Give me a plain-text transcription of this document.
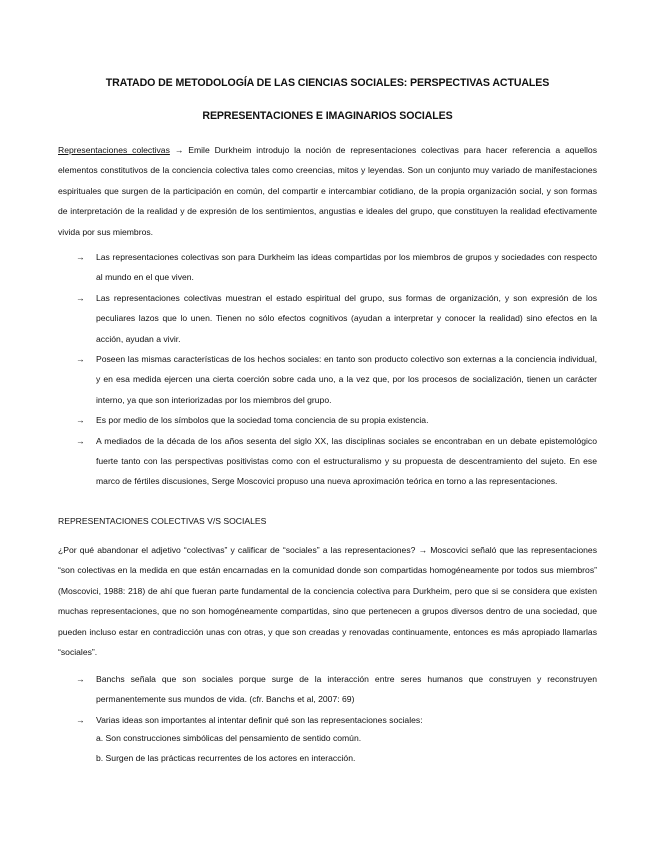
TRATADO DE METODOLOGÍA DE LAS CIENCIAS SOCIALES: PERSPECTIVAS ACTUALES
REPRESENTACIONES E IMAGINARIOS SOCIALES
Representaciones colectivas → Emile Durkheim introdujo la noción de representaciones colectivas para hacer referencia a aquellos elementos constitutivos de la conciencia colectiva tales como creencias, mitos y leyendas. Son un conjunto muy variado de manifestaciones espirituales que surgen de la participación en común, del compartir e intercambiar cotidiano, de la propia organización social, y son formas de interpretación de la realidad y de expresión de los sentimientos, angustias e ideales del grupo, que constituyen la realidad efectivamente vivida por sus miembros.
→ Las representaciones colectivas son para Durkheim las ideas compartidas por los miembros de grupos y sociedades con respecto al mundo en el que viven.
→ Las representaciones colectivas muestran el estado espiritual del grupo, sus formas de organización, y son expresión de los peculiares lazos que lo unen. Tienen no sólo efectos cognitivos (ayudan a interpretar y conocer la realidad) sino efectos en la acción, ayudan a vivir.
→ Poseen las mismas características de los hechos sociales: en tanto son producto colectivo son externas a la conciencia individual, y en esa medida ejercen una cierta coerción sobre cada uno, a la vez que, por los procesos de socialización, tienen un carácter interno, ya que son interiorizadas por los miembros del grupo.
→ Es por medio de los símbolos que la sociedad toma conciencia de su propia existencia.
→ A mediados de la década de los años sesenta del siglo XX, las disciplinas sociales se encontraban en un debate epistemológico fuerte tanto con las perspectivas positivistas como con el estructuralismo y su propuesta de descentramiento del sujeto. En ese marco de fértiles discusiones, Serge Moscovici propuso una nueva aproximación teórica en torno a las representaciones.
REPRESENTACIONES COLECTIVAS V/S SOCIALES
¿Por qué abandonar el adjetivo “colectivas” y calificar de “sociales” a las representaciones? → Moscovici señaló que las representaciones “son colectivas en la medida en que están encarnadas en la comunidad donde son compartidas homogéneamente por todos sus miembros” (Moscovici, 1988: 218) de ahí que fueran parte fundamental de la conciencia colectiva para Durkheim, pero que si se considera que existen muchas representaciones, que no son homogéneamente compartidas, sino que pertenecen a grupos diversos dentro de una sociedad, que pueden incluso estar en contradicción unas con otras, y que son creadas y renovadas continuamente, entonces es más apropiado llamarlas “sociales”.
→ Banchs señala que son sociales porque surge de la interacción entre seres humanos que construyen y reconstruyen permanentemente sus mundos de vida. (cfr. Banchs et al, 2007: 69)
→ Varias ideas son importantes al intentar definir qué son las representaciones sociales:
a. Son construcciones simbólicas del pensamiento de sentido común.
b. Surgen de las prácticas recurrentes de los actores en interacción.
